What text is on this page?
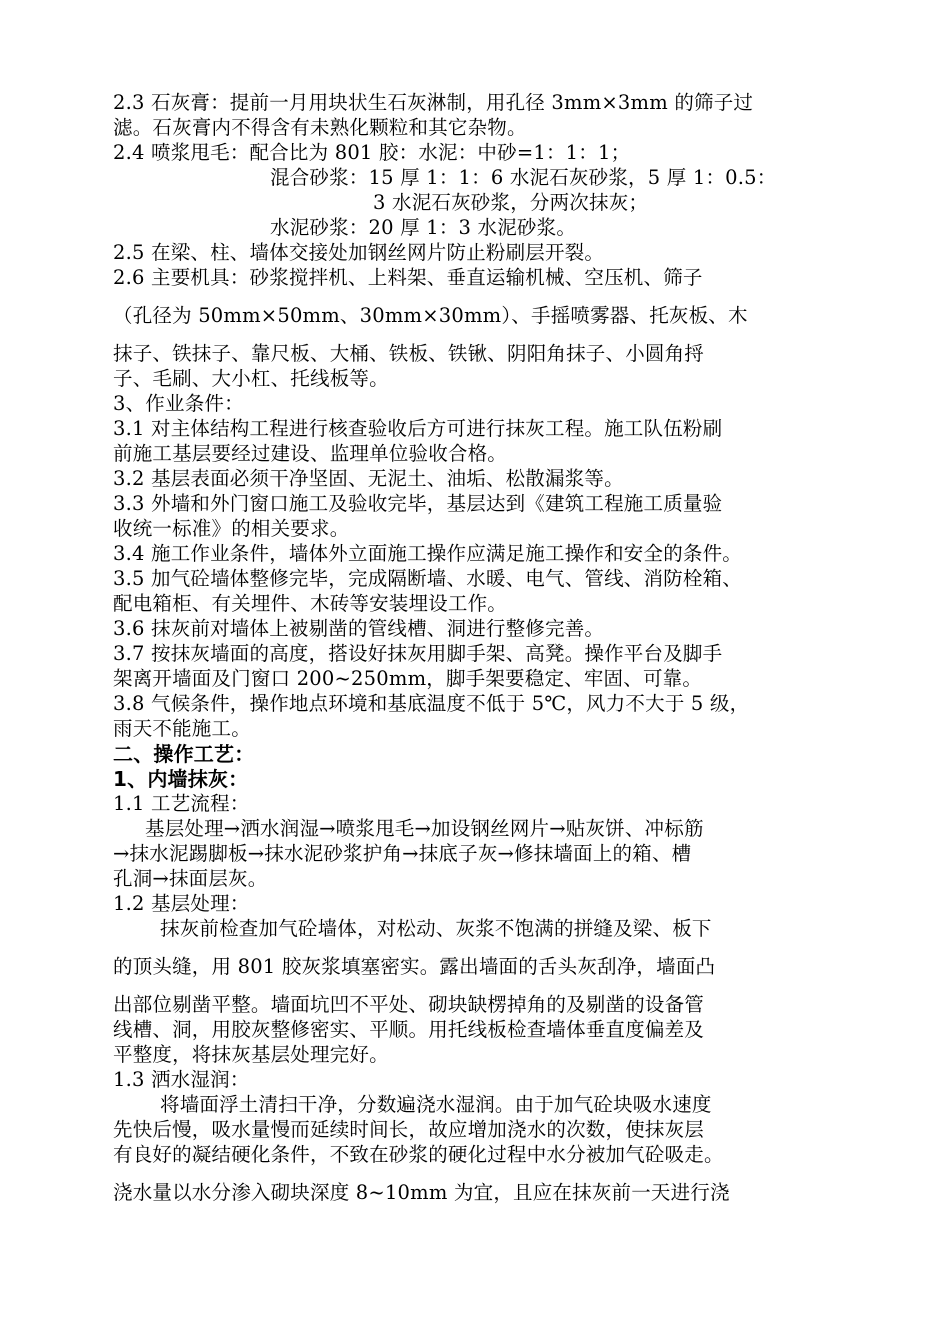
2.3 石灰膏：提前一月用块状生石灰淋制，用孔径 3mm×3mm 的筛子过
滤。石灰膏内不得含有未熟化颗粒和其它杂物。
2.4 喷浆甩毛：配合比为 801 胶：水泥：中砂=1：1：1；
混合砂浆：15 厚 1：1：6 水泥石灰砂浆，5 厚 1：0.5：
3 水泥石灰砂浆，分两次抹灰；
水泥砂浆：20 厚 1：3 水泥砂浆。
2.5 在梁、柱、墙体交接处加钢丝网片防止粉刷层开裂。
2.6 主要机具：砂浆搅拌机、上料架、垂直运输机械、空压机、筛子
（孔径为 50mm×50mm、30mm×30mm）、手摇喷雾器、托灰板、木
抹子、铁抹子、靠尺板、大桶、铁板、铁锹、阴阳角抹子、小圆角捋
子、毛刷、大小杠、托线板等。
3、作业条件：
3.1 对主体结构工程进行核查验收后方可进行抹灰工程。施工队伍粉刷
前施工基层要经过建设、监理单位验收合格。
3.2 基层表面必须干净坚固、无泥土、油垢、松散漏浆等。
3.3 外墙和外门窗口施工及验收完毕，基层达到《建筑工程施工质量验
收统一标准》的相关要求。
3.4 施工作业条件，墙体外立面施工操作应满足施工操作和安全的条件。
3.5 加气砼墙体整修完毕，完成隔断墙、水暖、电气、管线、消防栓箱、
配电箱柜、有关埋件、木砖等安装埋设工作。
3.6 抹灰前对墙体上被剔凿的管线槽、洞进行整修完善。
3.7 按抹灰墙面的高度，搭设好抹灰用脚手架、高凳。操作平台及脚手
架离开墙面及门窗口 200~250mm，脚手架要稳定、牢固、可靠。
3.8 气候条件，操作地点环境和基底温度不低于 5℃，风力不大于 5 级，
雨天不能施工。
二、操作工艺：
1、内墙抹灰：
1.1 工艺流程：
基层处理→洒水润湿→喷浆甩毛→加设钢丝网片→贴灰饼、冲标筋
→抹水泥踢脚板→抹水泥砂浆护角→抹底子灰→修抹墙面上的箱、槽
孔洞→抹面层灰。
1.2 基层处理：
抹灰前检查加气砼墙体，对松动、灰浆不饱满的拼缝及梁、板下
的顶头缝，用 801 胶灰浆填塞密实。露出墙面的舌头灰刮净，墙面凸
出部位剔凿平整。墙面坑凹不平处、砌块缺楞掉角的及剔凿的设备管
线槽、洞，用胶灰整修密实、平顺。用托线板检查墙体垂直度偏差及
平整度，将抹灰基层处理完好。
1.3 洒水湿润：
将墙面浮土清扫干净，分数遍浇水湿润。由于加气砼块吸水速度
先快后慢，吸水量慢而延续时间长，故应增加浇水的次数，使抹灰层
有良好的凝结硬化条件，不致在砂浆的硬化过程中水分被加气砼吸走。
浇水量以水分渗入砌块深度 8~10mm 为宜，且应在抹灰前一天进行浇
